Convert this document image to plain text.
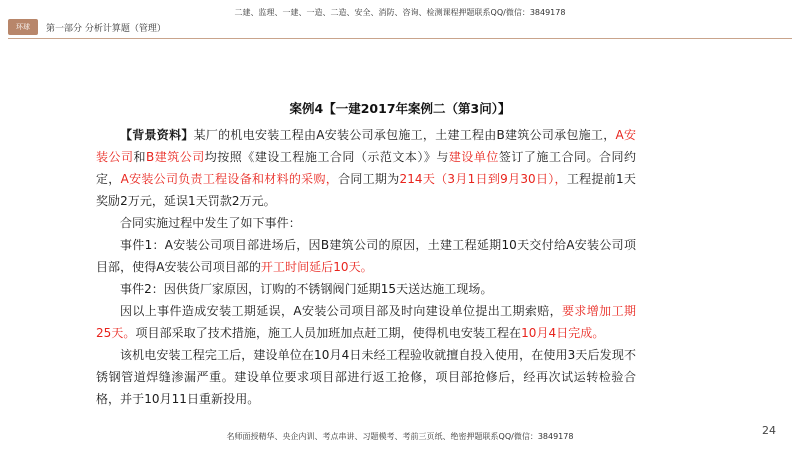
二建、监理、一建、一造、二造、安全、消防、咨询、检测课程押题联系QQ/微信：3849178
环球	第一部分 分析计算题（管理）
案例4【一建2017年案例二（第3问）】

【背景资料】某厂的机电安装工程由A安装公司承包施工，土建工程由B建筑公司承包施工，A安装公司和B建筑公司均按照《建设工程施工合同（示范文本）》与建设单位签订了施工合同。合同约定，A安装公司负责工程设备和材料的采购，合同工期为214天（3月1日到9月30日），工程提前1天奖励2万元，延误1天罚款2万元。

合同实施过程中发生了如下事件：

事件1：A安装公司项目部进场后，因B建筑公司的原因，土建工程延期10天交付给A安装公司项目部，使得A安装公司项目部的开工时间延后10天。

事件2：因供货厂家原因，订购的不锈钢阀门延期15天送达施工现场。

因以上事件造成安装工期延误，A安装公司项目部及时向建设单位提出工期索赔，要求增加工期25天。项目部采取了技术措施，施工人员加班加点赶工期，使得机电安装工程在10月4日完成。

该机电安装工程完工后，建设单位在10月4日未经工程验收就擅自投入使用，在使用3天后发现不锈钢管道焊缝渗漏严重。建设单位要求项目部进行返工抢修，项目部抢修后，经再次试运转检验合格，并于10月11日重新投用。

名师面授精华、央企内训、考点串讲、习题模考、考前三页纸、绝密押题联系QQ/微信：3849178	24
